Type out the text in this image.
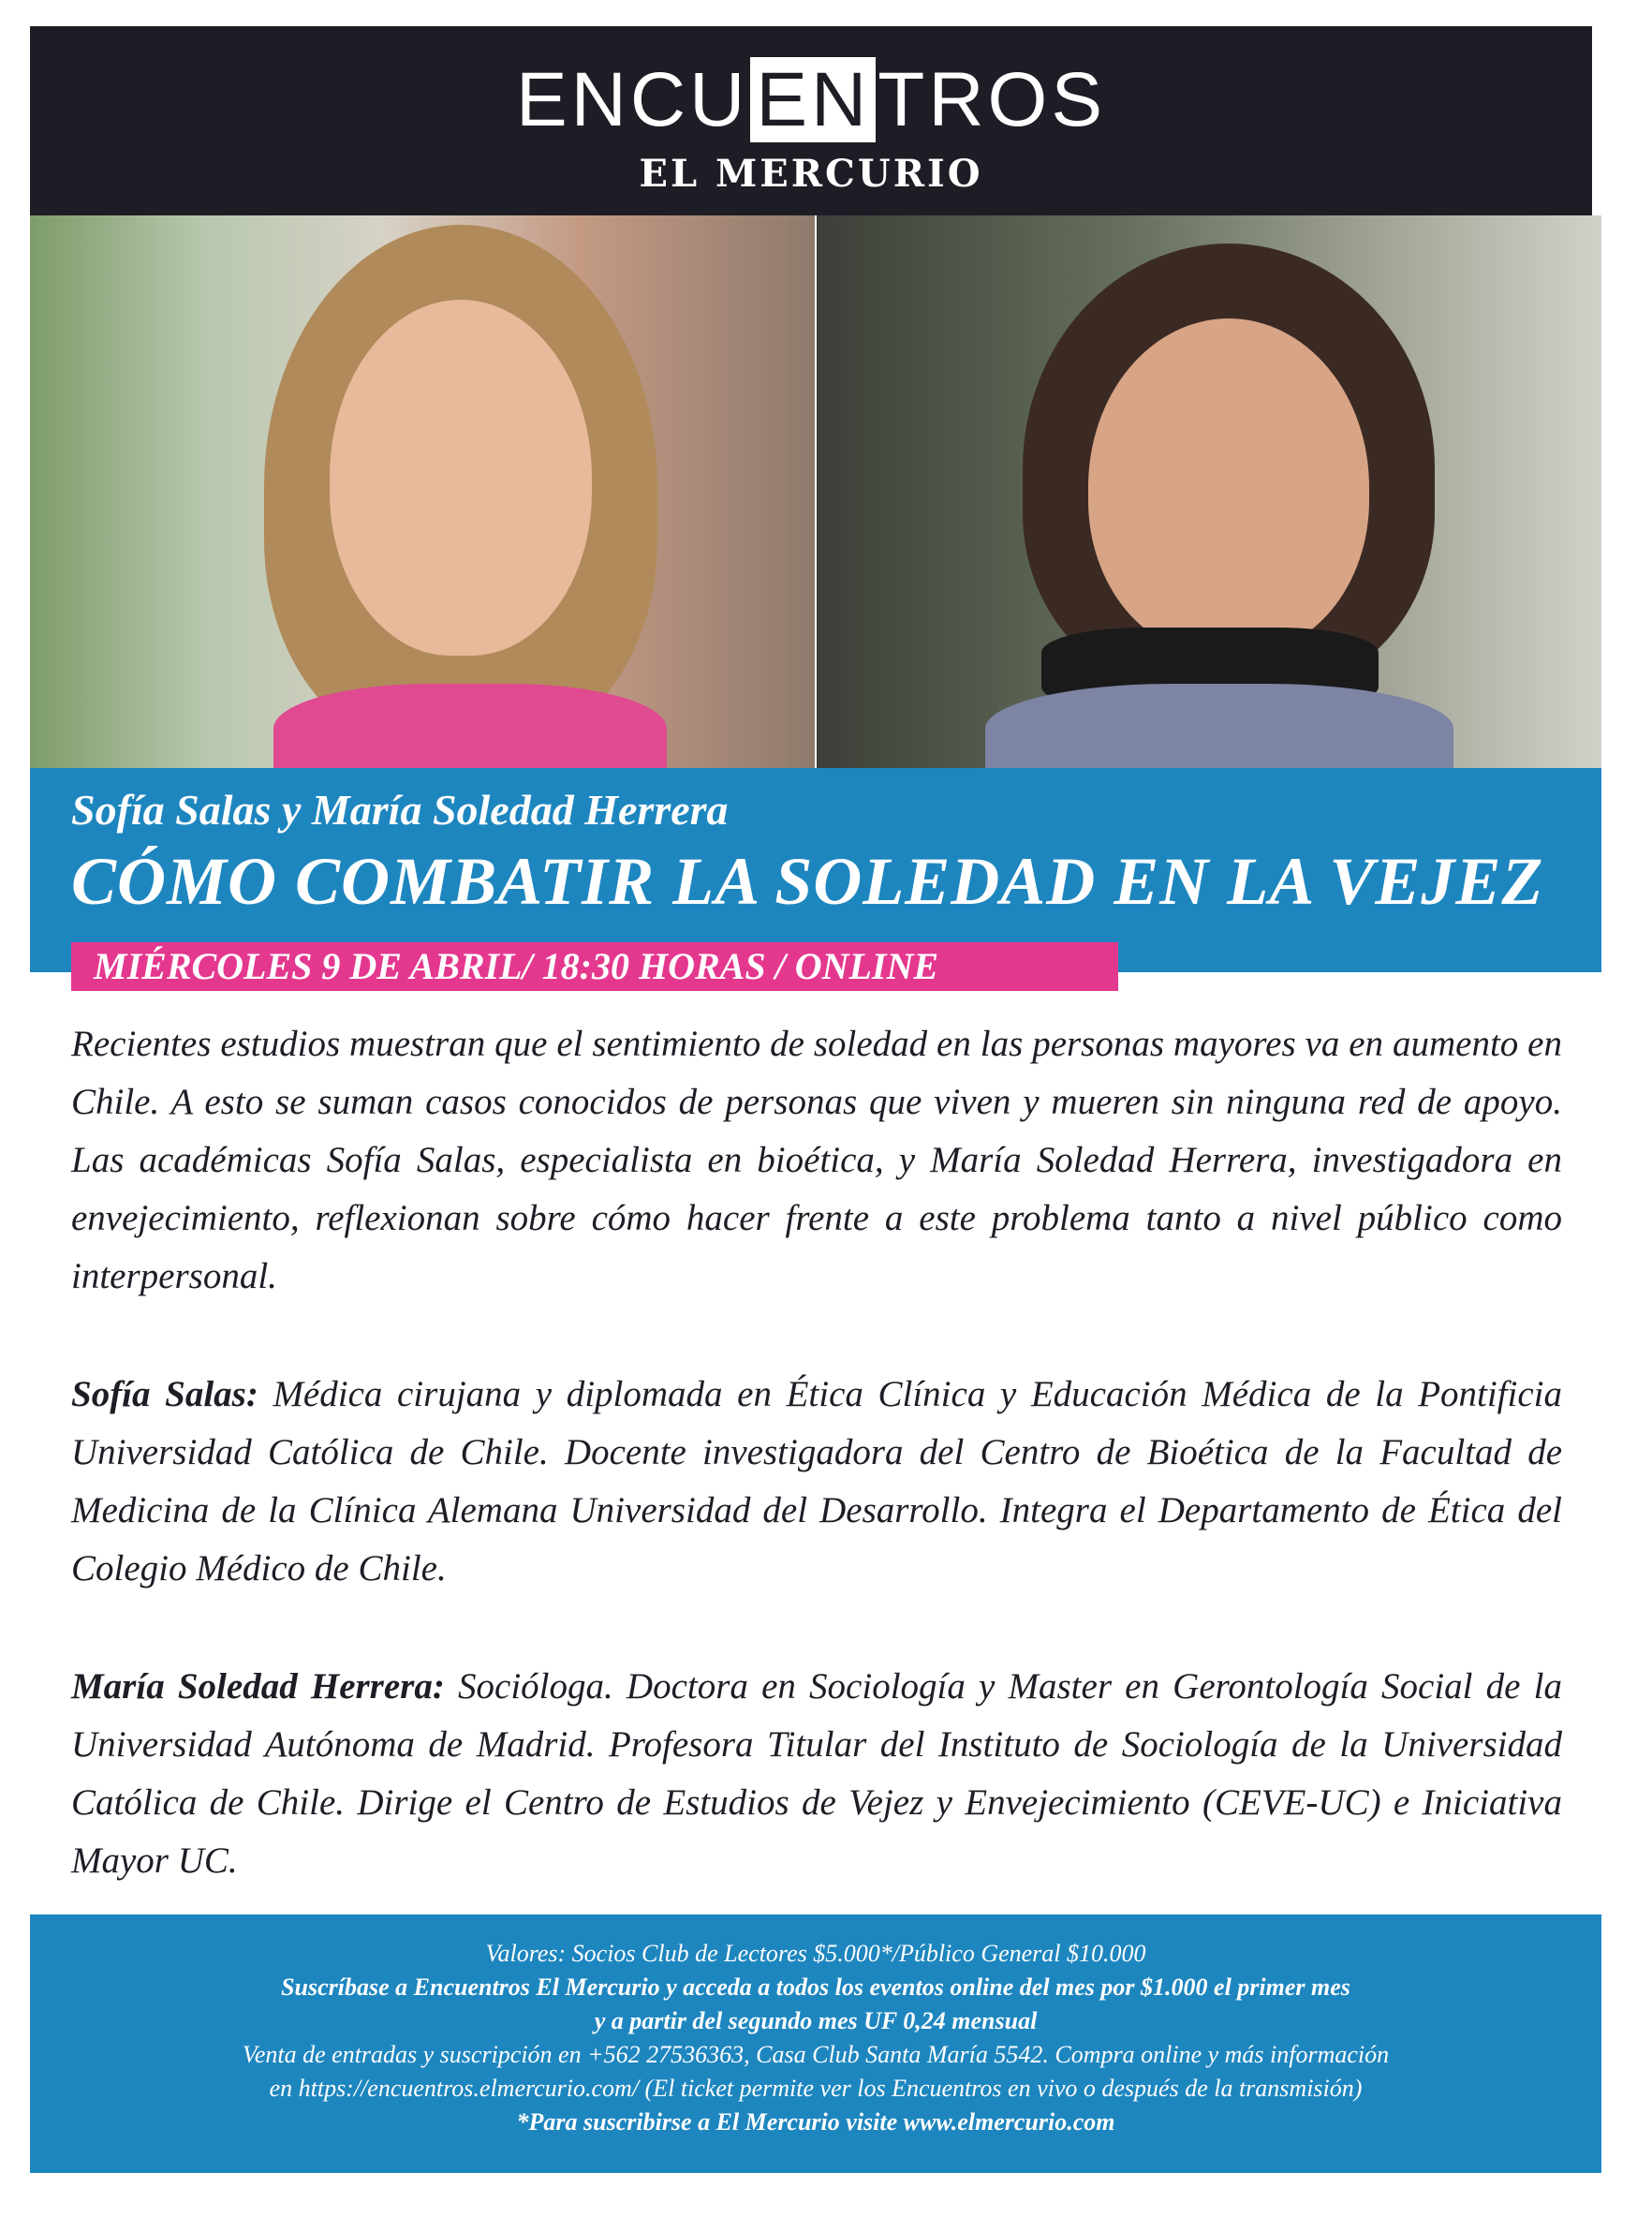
ENCUENTROS
EL MERCURIO
Sofía Salas y María Soledad Herrera
CÓMO COMBATIR LA SOLEDAD EN LA VEJEZ
MIÉRCOLES 9 DE ABRIL/ 18:30 HORAS / ONLINE

Recientes estudios muestran que el sentimiento de soledad en las personas mayores va en aumento en Chile. A esto se suman casos conocidos de personas que viven y mueren sin ninguna red de apoyo. Las académicas Sofía Salas, especialista en bioética, y María Soledad Herrera, investigadora en envejecimiento, reflexionan sobre cómo hacer frente a este problema tanto a nivel público como interpersonal.

Sofía Salas: Médica cirujana y diplomada en Ética Clínica y Educación Médica de la Pontificia Universidad Católica de Chile. Docente investigadora del Centro de Bioética de la Facultad de Medicina de la Clínica Alemana Universidad del Desarrollo. Integra el Departamento de Ética del Colegio Médico de Chile.

María Soledad Herrera: Socióloga. Doctora en Sociología y Master en Gerontología Social de la Universidad Autónoma de Madrid. Profesora Titular del Instituto de Sociología de la Universidad Católica de Chile. Dirige el Centro de Estudios de Vejez y Envejecimiento (CEVE-UC) e Iniciativa Mayor UC.

Valores: Socios Club de Lectores $5.000*/Público General $10.000
Suscríbase a Encuentros El Mercurio y acceda a todos los eventos online del mes por $1.000 el primer mes
y a partir del segundo mes UF 0,24 mensual
Venta de entradas y suscripción en +562 27536363, Casa Club Santa María 5542. Compra online y más información
en https://encuentros.elmercurio.com/ (El ticket permite ver los Encuentros en vivo o después de la transmisión)
*Para suscribirse a El Mercurio visite www.elmercurio.com
